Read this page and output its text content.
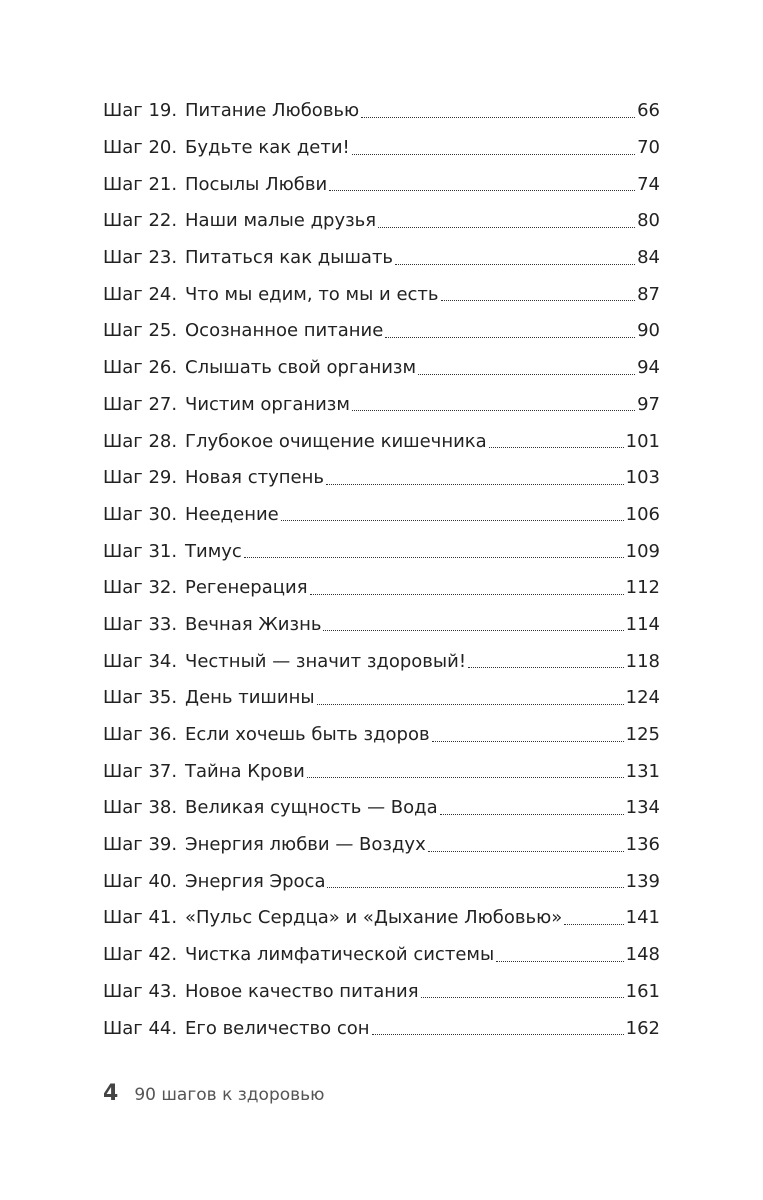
Шаг 19. Питание Любовью	66
Шаг 20. Будьте как дети!	70
Шаг 21. Посылы Любви	74
Шаг 22. Наши малые друзья	80
Шаг 23. Питаться как дышать	84
Шаг 24. Что мы едим, то мы и есть	87
Шаг 25. Осознанное питание	90
Шаг 26. Слышать свой организм	94
Шаг 27. Чистим организм	97
Шаг 28. Глубокое очищение кишечника	101
Шаг 29. Новая ступень	103
Шаг 30. Неедение	106
Шаг 31. Тимус	109
Шаг 32. Регенерация	112
Шаг 33. Вечная Жизнь	114
Шаг 34. Честный — значит здоровый!	118
Шаг 35. День тишины	124
Шаг 36. Если хочешь быть здоров	125
Шаг 37. Тайна Крови	131
Шаг 38. Великая сущность — Вода	134
Шаг 39. Энергия любви — Воздух	136
Шаг 40. Энергия Эроса	139
Шаг 41. «Пульс Сердца» и «Дыхание Любовью»	141
Шаг 42. Чистка лимфатической системы	148
Шаг 43. Новое качество питания	161
Шаг 44. Его величество сон	162
4 90 шагов к здоровью
